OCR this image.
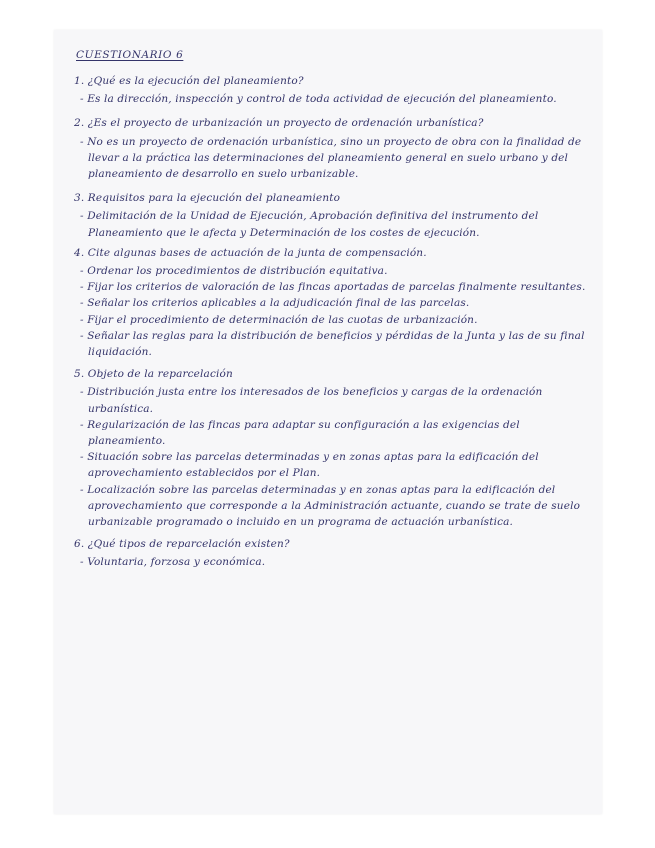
CUESTIONARIO 6
1. ¿Qué es la ejecución del planeamiento?
- Es la dirección, inspección y control de toda actividad de ejecución del planeamiento.
2. ¿Es el proyecto de urbanización un proyecto de ordenación urbanística?
- No es un proyecto de ordenación urbanística, sino un proyecto de obra con la finalidad de llevar a la práctica las determinaciones del planeamiento general en suelo urbano y del planeamiento de desarrollo en suelo urbanizable.
3. Requisitos para la ejecución del planeamiento
- Delimitación de la Unidad de Ejecución, Aprobación definitiva del instrumento del Planeamiento que le afecta y Determinación de los costes de ejecución.
4. Cite algunas bases de actuación de la junta de compensación.
- Ordenar los procedimientos de distribución equitativa.
- Fijar los criterios de valoración de las fincas aportadas de parcelas finalmente resultantes.
- Señalar los criterios aplicables a la adjudicación final de las parcelas.
- Fijar el procedimiento de determinación de las cuotas de urbanización.
- Señalar las reglas para la distribución de beneficios y pérdidas de la Junta y las de su final liquidación.
5. Objeto de la reparcelación
- Distribución justa entre los interesados de los beneficios y cargas de la ordenación urbanística.
- Regularización de las fincas para adaptar su configuración a las exigencias del planeamiento.
- Situación sobre las parcelas determinadas y en zonas aptas para la edificación del aprovechamiento establecidos por el Plan.
- Localización sobre las parcelas determinadas y en zonas aptas para la edificación del aprovechamiento que corresponde a la Administración actuante, cuando se trate de suelo urbanizable programado o incluido en un programa de actuación urbanística.
6. ¿Qué tipos de reparcelación existen?
- Voluntaria, forzosa y económica.
